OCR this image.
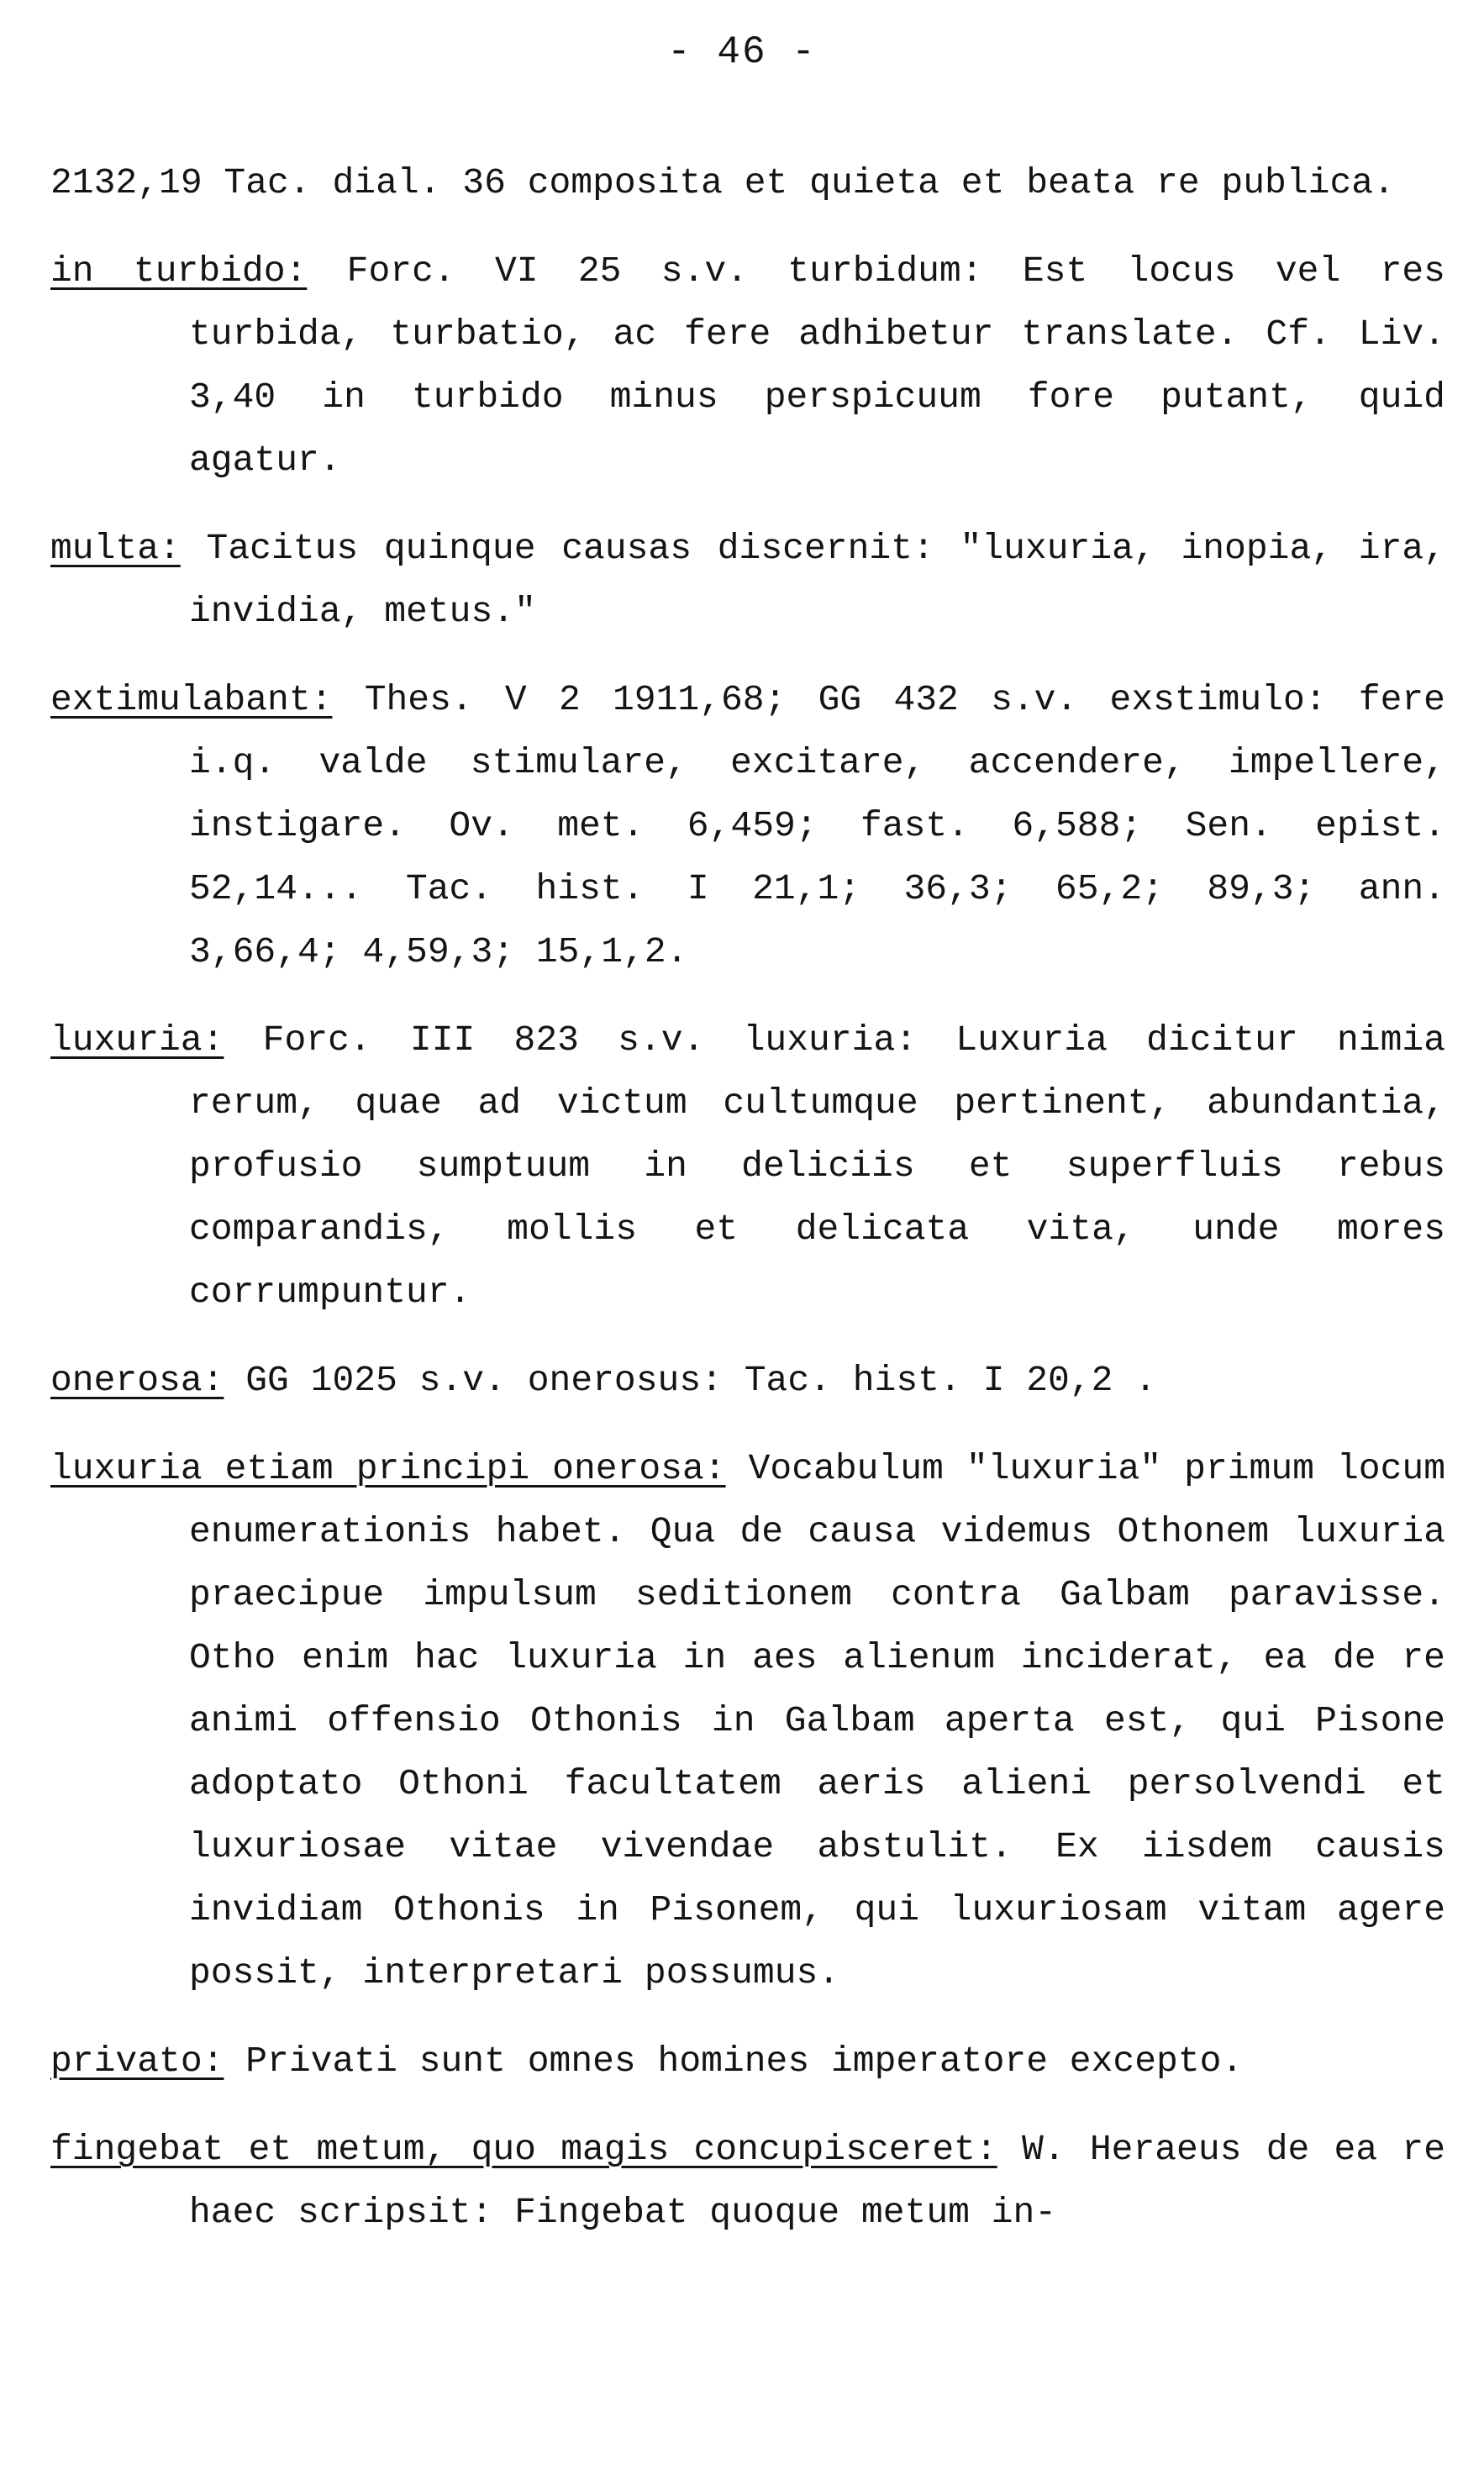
- 46 -

2132,19 Tac. dial. 36 composita et quieta et beata re publica.

in turbido: Forc. VI 25 s.v. turbidum: Est locus vel res turbida, turbatio, ac fere adhibetur translate. Cf. Liv. 3,40 in turbido minus perspicuum fore putant, quid agatur.

multa: Tacitus quinque causas discernit: "luxuria, inopia, ira, invidia, metus."

extimulabant: Thes. V 2 1911,68; GG 432 s.v. exstimulo: fere i.q. valde stimulare, excitare, accendere, impellere, instigare. Ov. met. 6,459; fast. 6,588; Sen. epist. 52,14... Tac. hist. I 21,1; 36,3; 65,2; 89,3; ann. 3,66,4; 4,59,3; 15,1,2.

luxuria: Forc. III 823 s.v. luxuria: Luxuria dicitur nimia rerum, quae ad victum cultumque pertinent, abundantia, profusio sumptuum in deliciis et superfluis rebus comparandis, mollis et delicata vita, unde mores corrumpuntur.

onerosa: GG 1025 s.v. onerosus: Tac. hist. I 20,2 .

luxuria etiam principi onerosa: Vocabulum "luxuria" primum locum enumerationis habet. Qua de causa videmus Othonem luxuria praecipue impulsum seditionem contra Galbam paravisse. Otho enim hac luxuria in aes alienum inciderat, ea de re animi offensio Othonis in Galbam aperta est, qui Pisone adoptato Othoni facultatem aeris alieni persolvendi et luxuriosae vitae vivendae abstulit. Ex iisdem causis invidiam Othonis in Pisonem, qui luxuriosam vitam agere possit, interpretari possumus.

privato: Privati sunt omnes homines imperatore excepto.

fingebat et metum, quo magis concupisceret: W. Heraeus de ea re haec scripsit: Fingebat quoque metum in-
